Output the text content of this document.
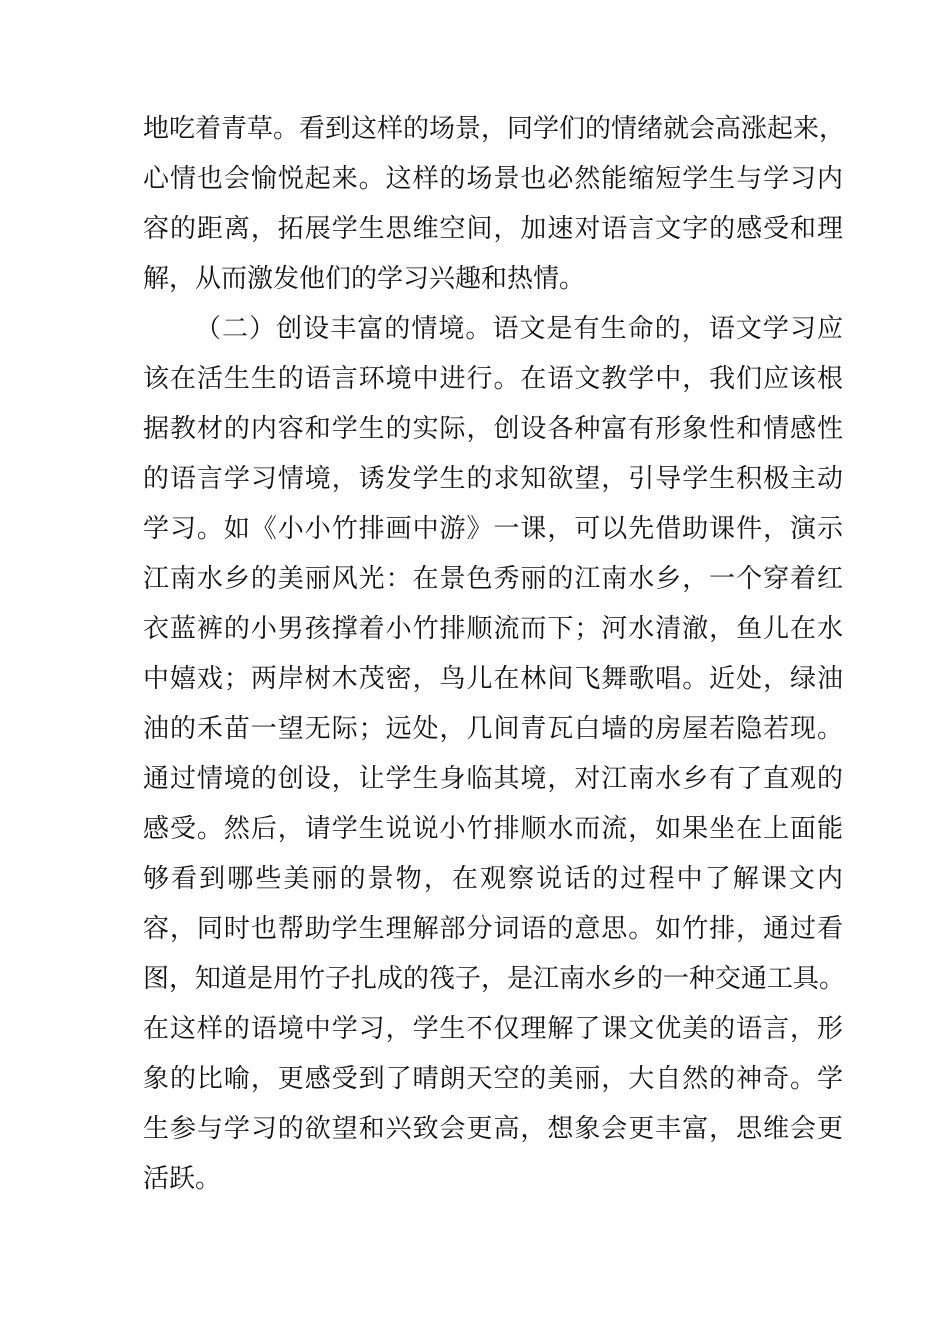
地吃着青草。看到这样的场景，同学们的情绪就会高涨起来，
心情也会愉悦起来。这样的场景也必然能缩短学生与学习内
容的距离，拓展学生思维空间，加速对语言文字的感受和理
解，从而激发他们的学习兴趣和热情。
（二）创设丰富的情境。语文是有生命的，语文学习应
该在活生生的语言环境中进行。在语文教学中，我们应该根
据教材的内容和学生的实际，创设各种富有形象性和情感性
的语言学习情境，诱发学生的求知欲望，引导学生积极主动
学习。如《小小竹排画中游》一课，可以先借助课件，演示
江南水乡的美丽风光：在景色秀丽的江南水乡，一个穿着红
衣蓝裤的小男孩撑着小竹排顺流而下；河水清澈，鱼儿在水
中嬉戏；两岸树木茂密，鸟儿在林间飞舞歌唱。近处，绿油
油的禾苗一望无际；远处，几间青瓦白墙的房屋若隐若现。
通过情境的创设，让学生身临其境，对江南水乡有了直观的
感受。然后，请学生说说小竹排顺水而流，如果坐在上面能
够看到哪些美丽的景物，在观察说话的过程中了解课文内
容，同时也帮助学生理解部分词语的意思。如竹排，通过看
图，知道是用竹子扎成的筏子，是江南水乡的一种交通工具。
在这样的语境中学习，学生不仅理解了课文优美的语言，形
象的比喻，更感受到了晴朗天空的美丽，大自然的神奇。学
生参与学习的欲望和兴致会更高，想象会更丰富，思维会更
活跃。
